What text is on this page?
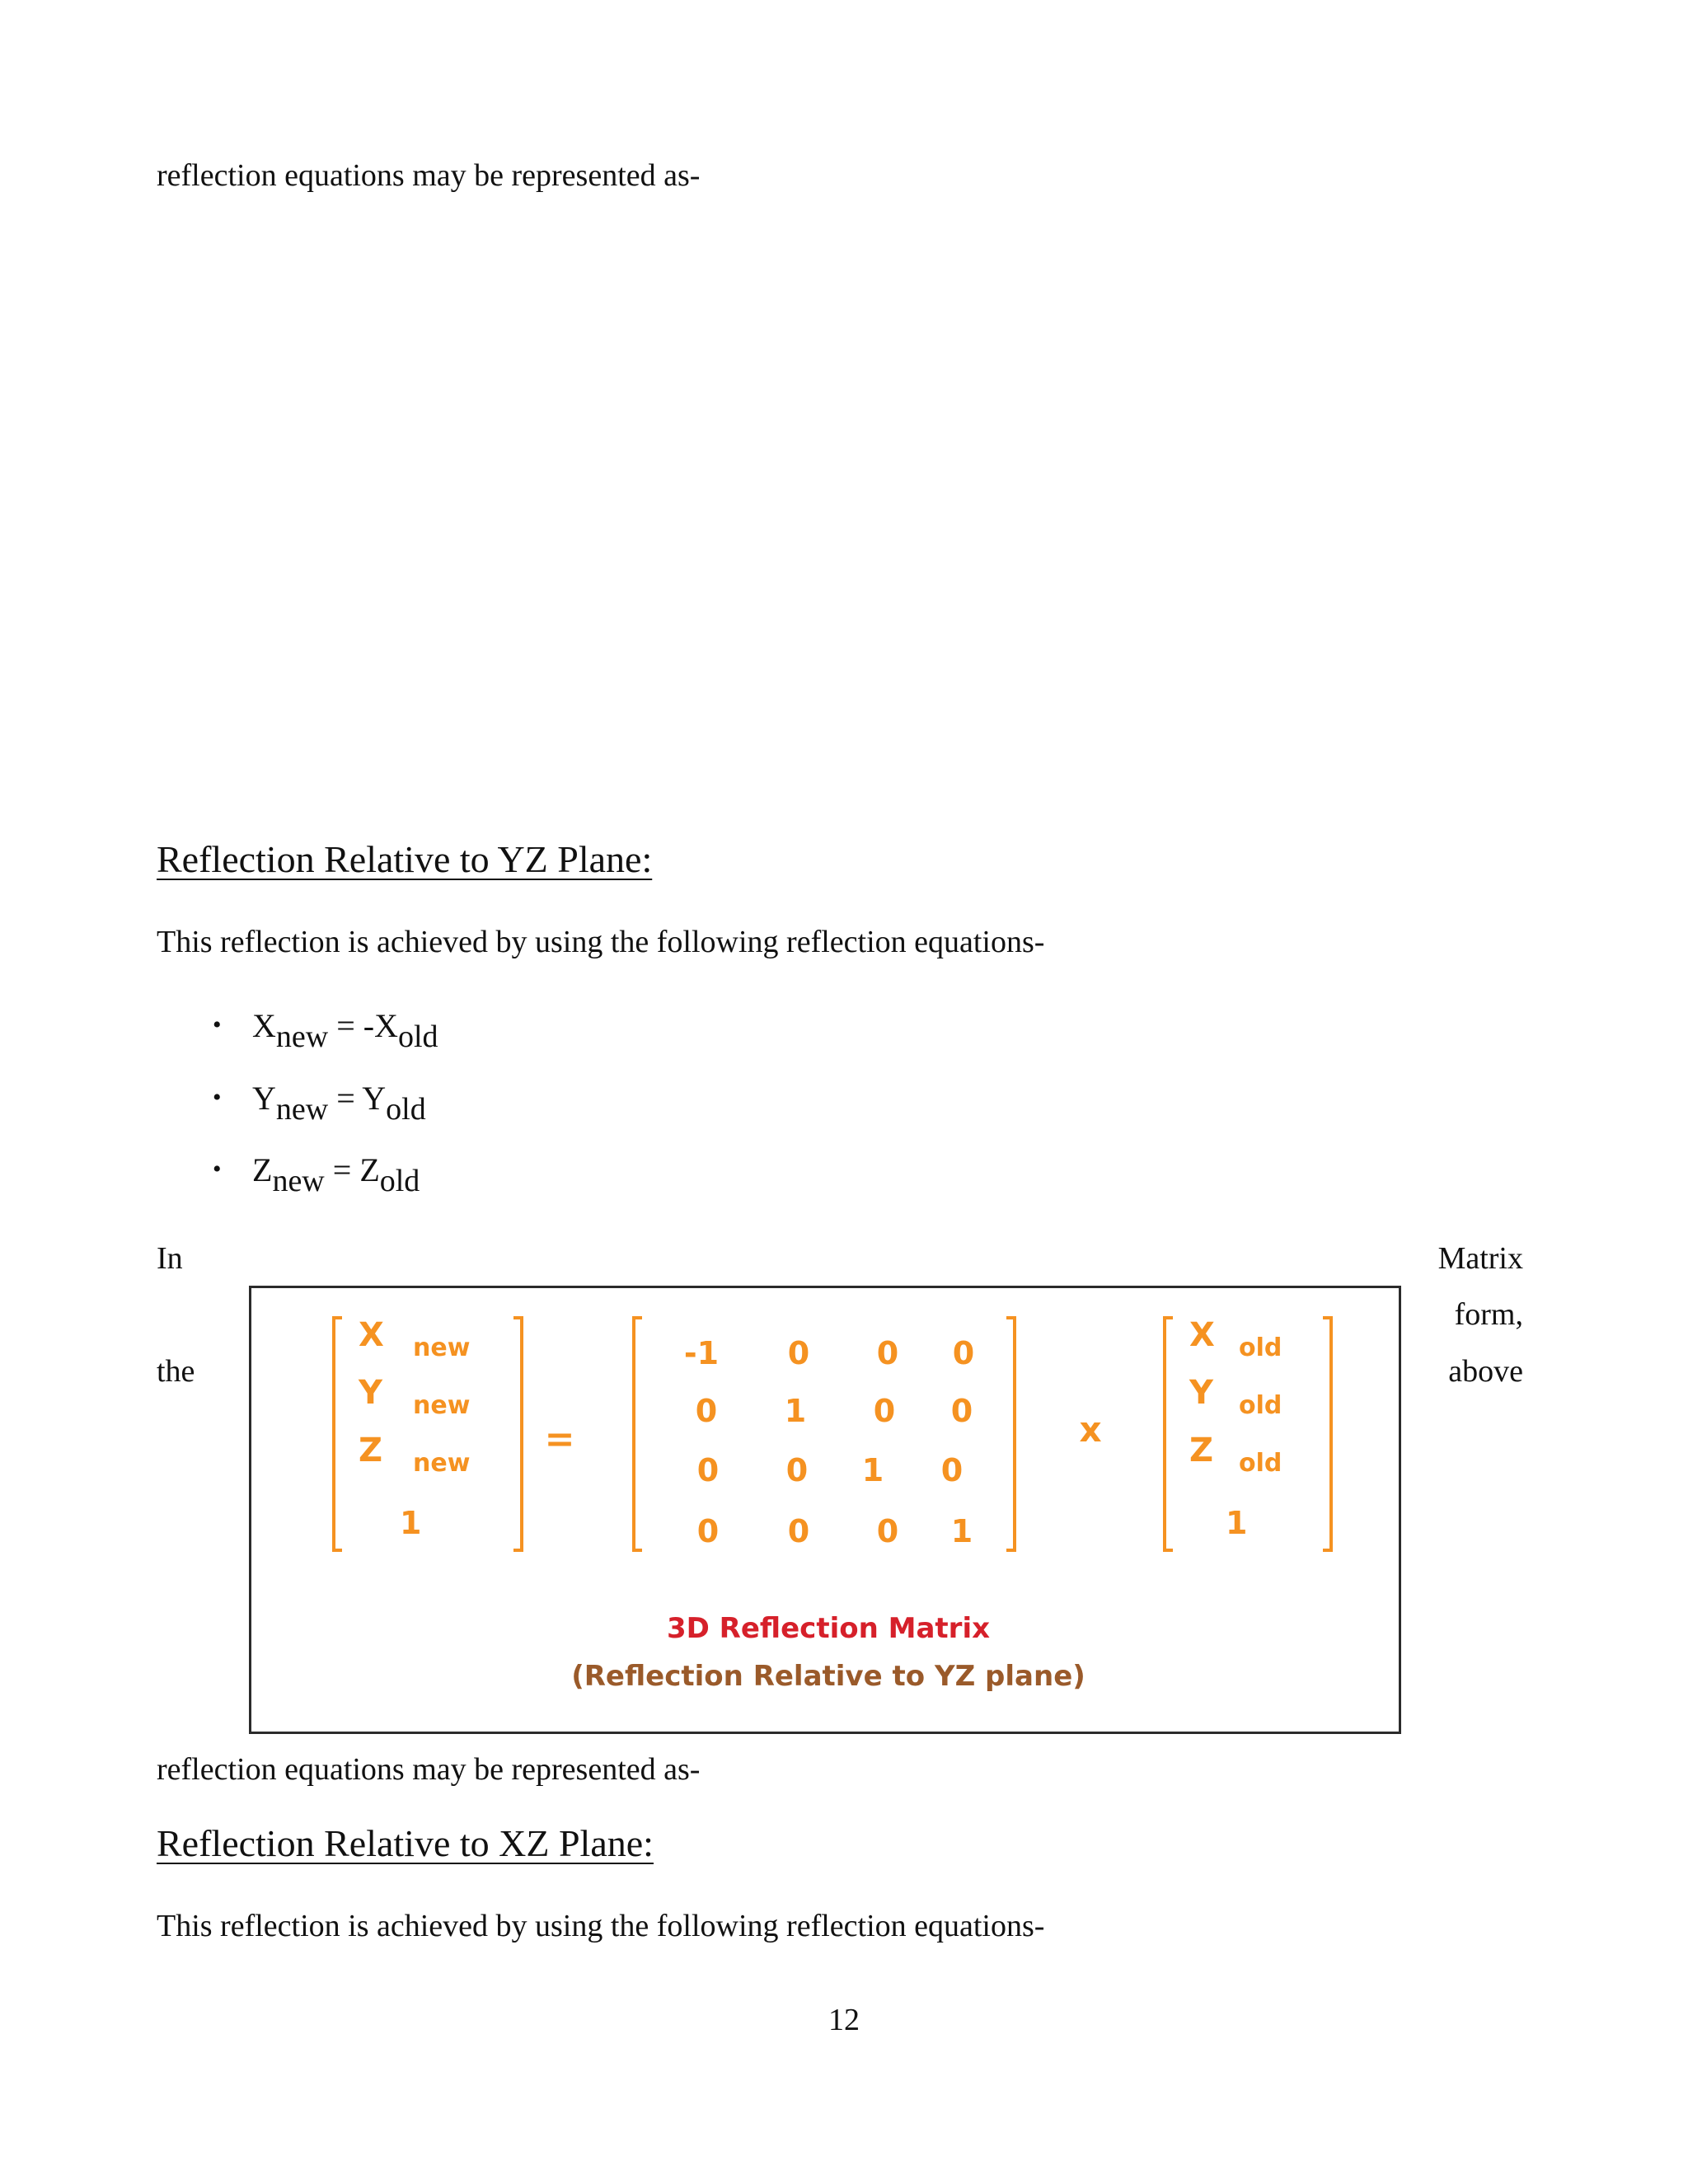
reflection equations may be represented as-
Reflection Relative to YZ Plane:
This reflection is achieved by using the following reflection equations-
• $X_{new} = -X_{old}$
• $Y_{new} = Y_{old}$
• $Z_{new} = Z_{old}$
In	Matrix
form,
the	above
X new
Y new
Z new
1
=
-1 0 0 0
0 1 0 0
0 0 1 0
0 0 0 1
x
X old
Y old
Z old
1
3D Reflection Matrix
(Reflection Relative to YZ plane)
reflection equations may be represented as-
Reflection Relative to XZ Plane:
This reflection is achieved by using the following reflection equations-
12
